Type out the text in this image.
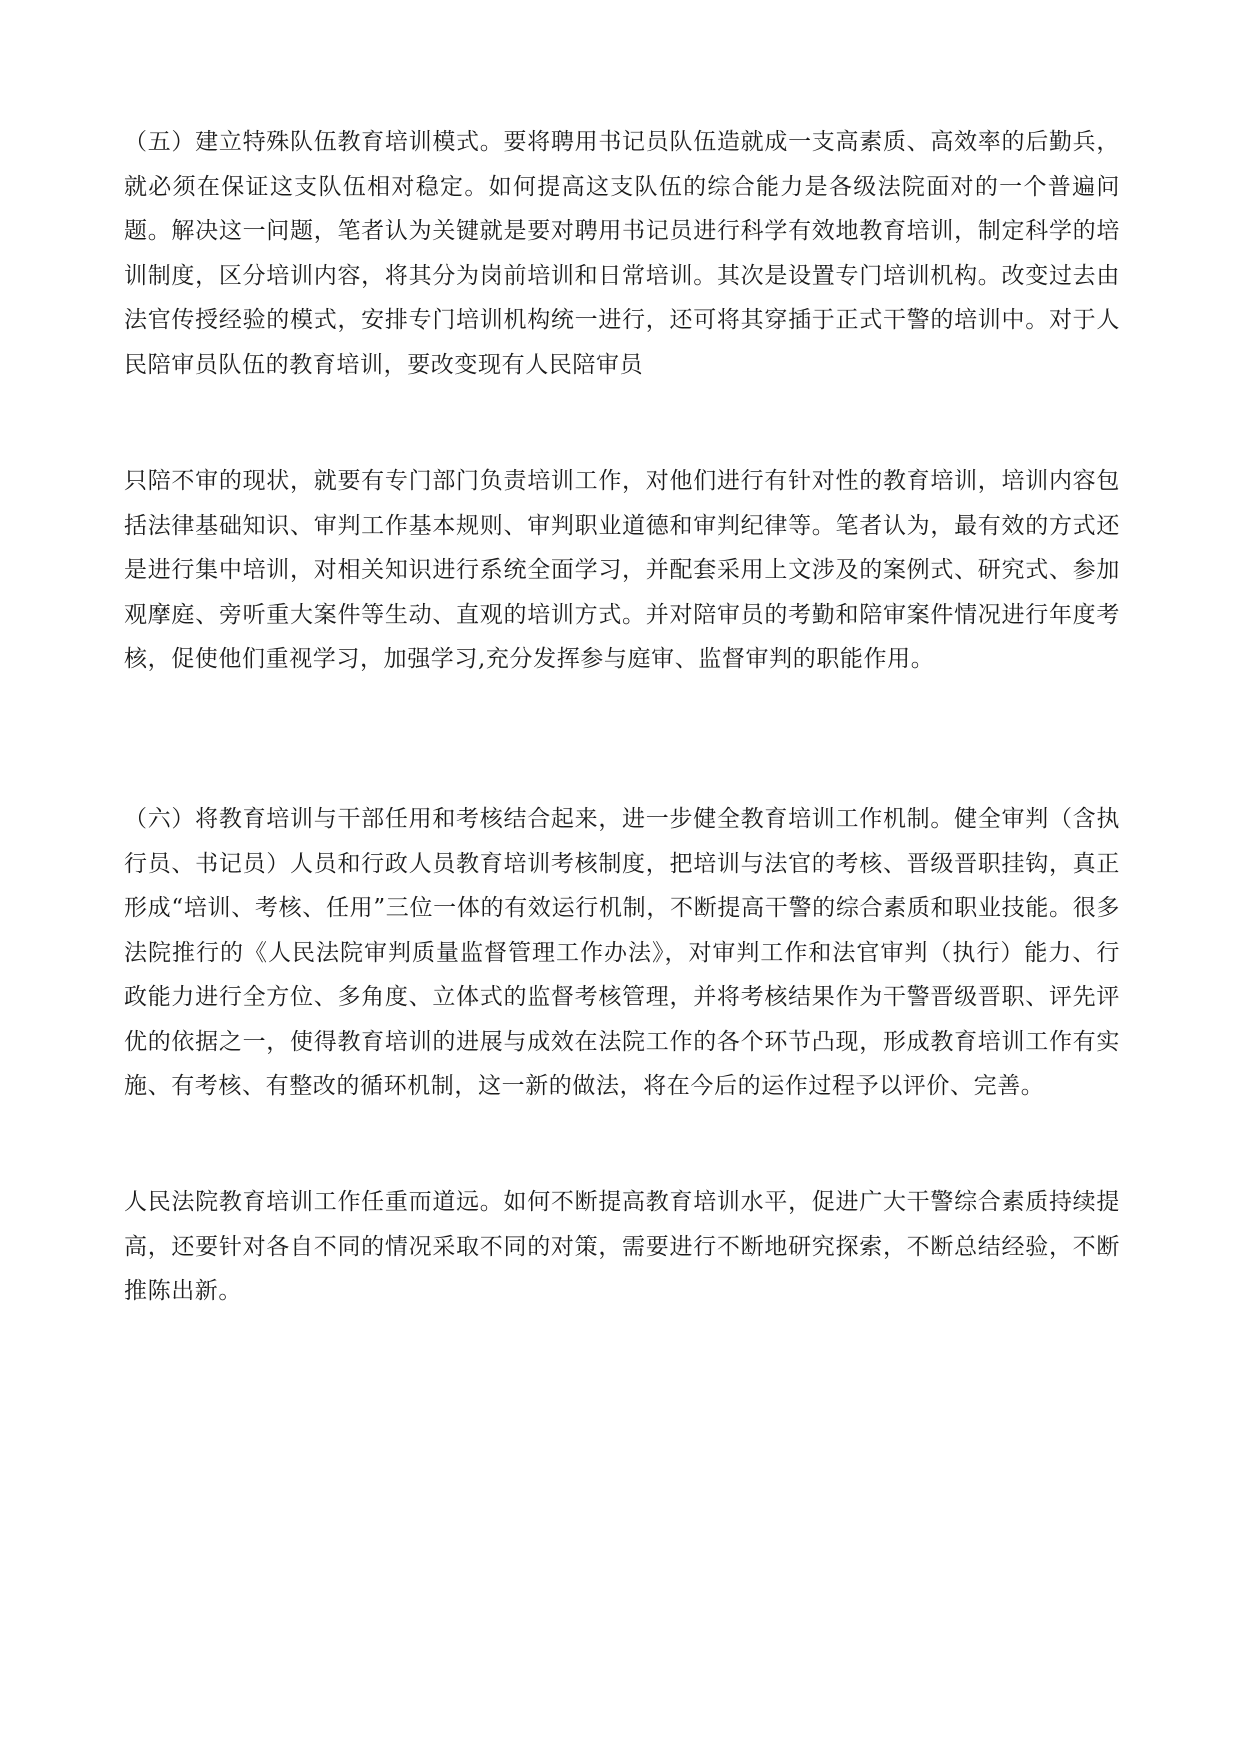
（五）建立特殊队伍教育培训模式。要将聘用书记员队伍造就成一支高素质、高效率的后勤兵，就必须在保证这支队伍相对稳定。如何提高这支队伍的综合能力是各级法院面对的一个普遍问题。解决这一问题，笔者认为关键就是要对聘用书记员进行科学有效地教育培训，制定科学的培训制度，区分培训内容，将其分为岗前培训和日常培训。其次是设置专门培训机构。改变过去由法官传授经验的模式，安排专门培训机构统一进行，还可将其穿插于正式干警的培训中。对于人民陪审员队伍的教育培训，要改变现有人民陪审员

只陪不审的现状，就要有专门部门负责培训工作，对他们进行有针对性的教育培训，培训内容包括法律基础知识、审判工作基本规则、审判职业道德和审判纪律等。笔者认为，最有效的方式还是进行集中培训，对相关知识进行系统全面学习，并配套采用上文涉及的案例式、研究式、参加观摩庭、旁听重大案件等生动、直观的培训方式。并对陪审员的考勤和陪审案件情况进行年度考核，促使他们重视学习，加强学习,充分发挥参与庭审、监督审判的职能作用。

（六）将教育培训与干部任用和考核结合起来，进一步健全教育培训工作机制。健全审判（含执行员、书记员）人员和行政人员教育培训考核制度，把培训与法官的考核、晋级晋职挂钩，真正形成“培训、考核、任用”三位一体的有效运行机制，不断提高干警的综合素质和职业技能。很多法院推行的《人民法院审判质量监督管理工作办法》，对审判工作和法官审判（执行）能力、行政能力进行全方位、多角度、立体式的监督考核管理，并将考核结果作为干警晋级晋职、评先评优的依据之一，使得教育培训的进展与成效在法院工作的各个环节凸现，形成教育培训工作有实施、有考核、有整改的循环机制，这一新的做法，将在今后的运作过程予以评价、完善。

人民法院教育培训工作任重而道远。如何不断提高教育培训水平，促进广大干警综合素质持续提高，还要针对各自不同的情况采取不同的对策，需要进行不断地研究探索，不断总结经验，不断推陈出新。
